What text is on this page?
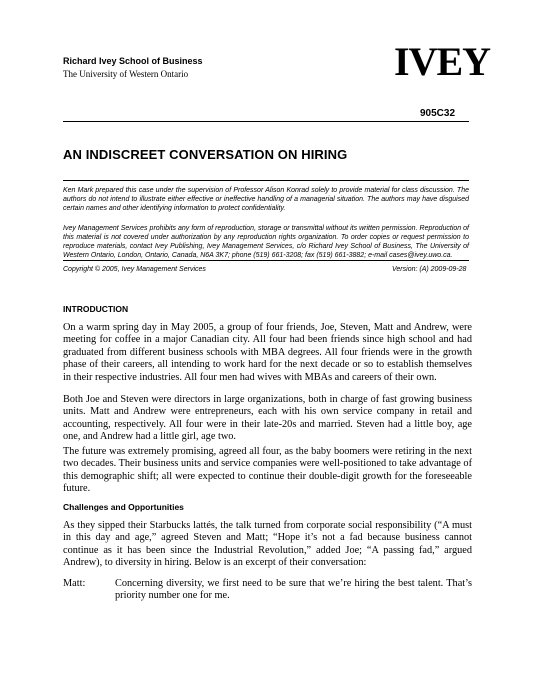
Richard Ivey School of Business
The University of Western Ontario	IVEY
905C32
AN INDISCREET CONVERSATION ON HIRING
Ken Mark prepared this case under the supervision of Professor Alison Konrad solely to provide material for class discussion. The authors do not intend to illustrate either effective or ineffective handling of a managerial situation. The authors may have disguised certain names and other identifying information to protect confidentiality.
Ivey Management Services prohibits any form of reproduction, storage or transmittal without its written permission. Reproduction of this material is not covered under authorization by any reproduction rights organization. To order copies or request permission to reproduce materials, contact Ivey Publishing, Ivey Management Services, c/o Richard Ivey School of Business, The University of Western Ontario, London, Ontario, Canada, N6A 3K7; phone (519) 661-3208; fax (519) 661-3882; e-mail cases@ivey.uwo.ca.
Copyright © 2005, Ivey Management Services	Version: (A) 2009-09-28
INTRODUCTION

On a warm spring day in May 2005, a group of four friends, Joe, Steven, Matt and Andrew, were meeting for coffee in a major Canadian city. All four had been friends since high school and had graduated from different business schools with MBA degrees. All four friends were in the growth phase of their careers, all intending to work hard for the next decade or so to establish themselves in their respective industries. All four men had wives with MBAs and careers of their own.

Both Joe and Steven were directors in large organizations, both in charge of fast growing business units. Matt and Andrew were entrepreneurs, each with his own service company in retail and accounting, respectively. All four were in their late-20s and married. Steven had a little boy, age one, and Andrew had a little girl, age two.

The future was extremely promising, agreed all four, as the baby boomers were retiring in the next two decades. Their business units and service companies were well-positioned to take advantage of this demographic shift; all were expected to continue their double-digit growth for the foreseeable future.

Challenges and Opportunities

As they sipped their Starbucks lattés, the talk turned from corporate social responsibility (“A must in this day and age,” agreed Steven and Matt; “Hope it’s not a fad because business cannot continue as it has been since the Industrial Revolution,” added Joe; “A passing fad,” argued Andrew), to diversity in hiring. Below is an excerpt of their conversation:

Matt:	Concerning diversity, we first need to be sure that we’re hiring the best talent. That’s priority number one for me.
